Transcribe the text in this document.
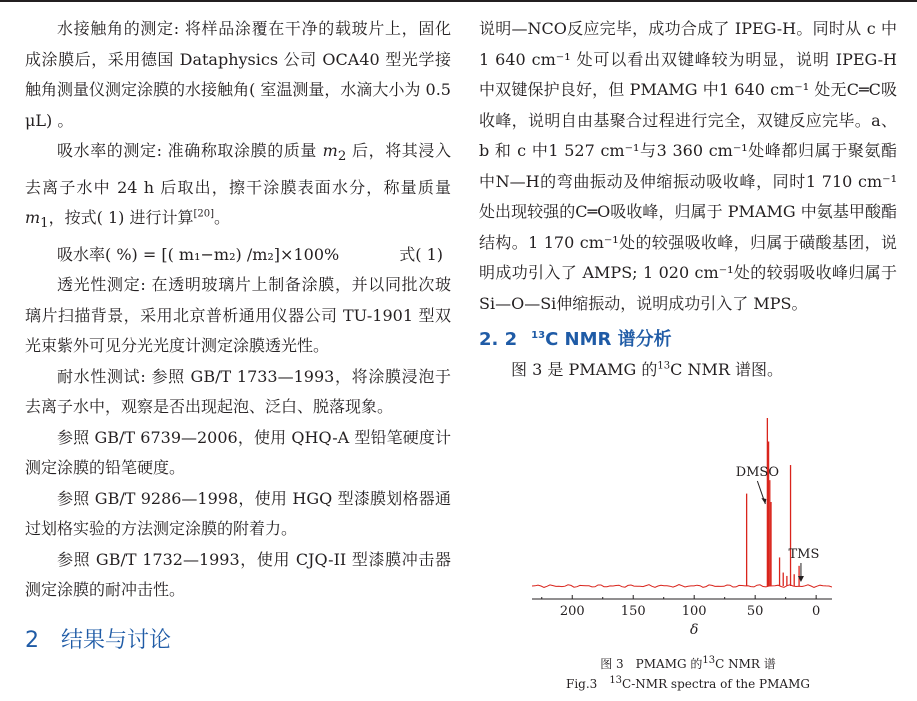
水接触角的测定: 将样品涂覆在干净的载玻片上，固化成涂膜后，采用德国 Dataphysics 公司 OCA40 型光学接触角测量仪测定涂膜的水接触角( 室温测量，水滴大小为 0.5 μL) 。

吸水率的测定: 准确称取涂膜的质量 $m_2$ 后，将其浸入去离子水中 24 h 后取出，擦干涂膜表面水分，称量质量 $m_1$，按式( 1) 进行计算[20]。

吸水率( %) = [( m₁−m₂) /m₂]×100%	式( 1)

透光性测定: 在透明玻璃片上制备涂膜，并以同批次玻璃片扫描背景，采用北京普析通用仪器公司 TU-1901 型双光束紫外可见分光光度计测定涂膜透光性。

耐水性测试: 参照 GB/T 1733—1993，将涂膜浸泡于去离子水中，观察是否出现起泡、泛白、脱落现象。

参照 GB/T 6739—2006，使用 QHQ-A 型铅笔硬度计测定涂膜的铅笔硬度。

参照 GB/T 9286—1998，使用 HGQ 型漆膜划格器通过划格实验的方法测定涂膜的附着力。

参照 GB/T 1732—1993，使用 CJQ-II 型漆膜冲击器测定涂膜的耐冲击性。

2 结果与讨论

说明—NCO反应完毕，成功合成了 IPEG-H。同时从 c 中1 640 cm⁻¹ 处可以看出双键峰较为明显，说明 IPEG-H 中双键保护良好，但 PMAMG 中1 640 cm⁻¹ 处无C═C吸收峰，说明自由基聚合过程进行完全，双键反应完毕。a、b 和 c 中1 527 cm⁻¹与3 360 cm⁻¹处峰都归属于聚氨酯中N—H的弯曲振动及伸缩振动吸收峰，同时1 710 cm⁻¹处出现较强的C═O吸收峰，归属于 PMAMG 中氨基甲酸酯结构。1 170 cm⁻¹处的较强吸收峰，归属于磺酸基团，说明成功引入了 AMPS; 1 020 cm⁻¹处的较弱吸收峰归属于Si—O—Si伸缩振动，说明成功引入了 MPS。

2. 2 $^{13}$C NMR 谱分析

图 3 是 PMAMG 的$^{13}$C NMR 谱图。

200	150	100	50	0
δ
DMSO
TMS
图 3　PMAMG 的$^{13}$C NMR 谱
Fig.3　$^{13}$C-NMR spectra of the PMAMG
